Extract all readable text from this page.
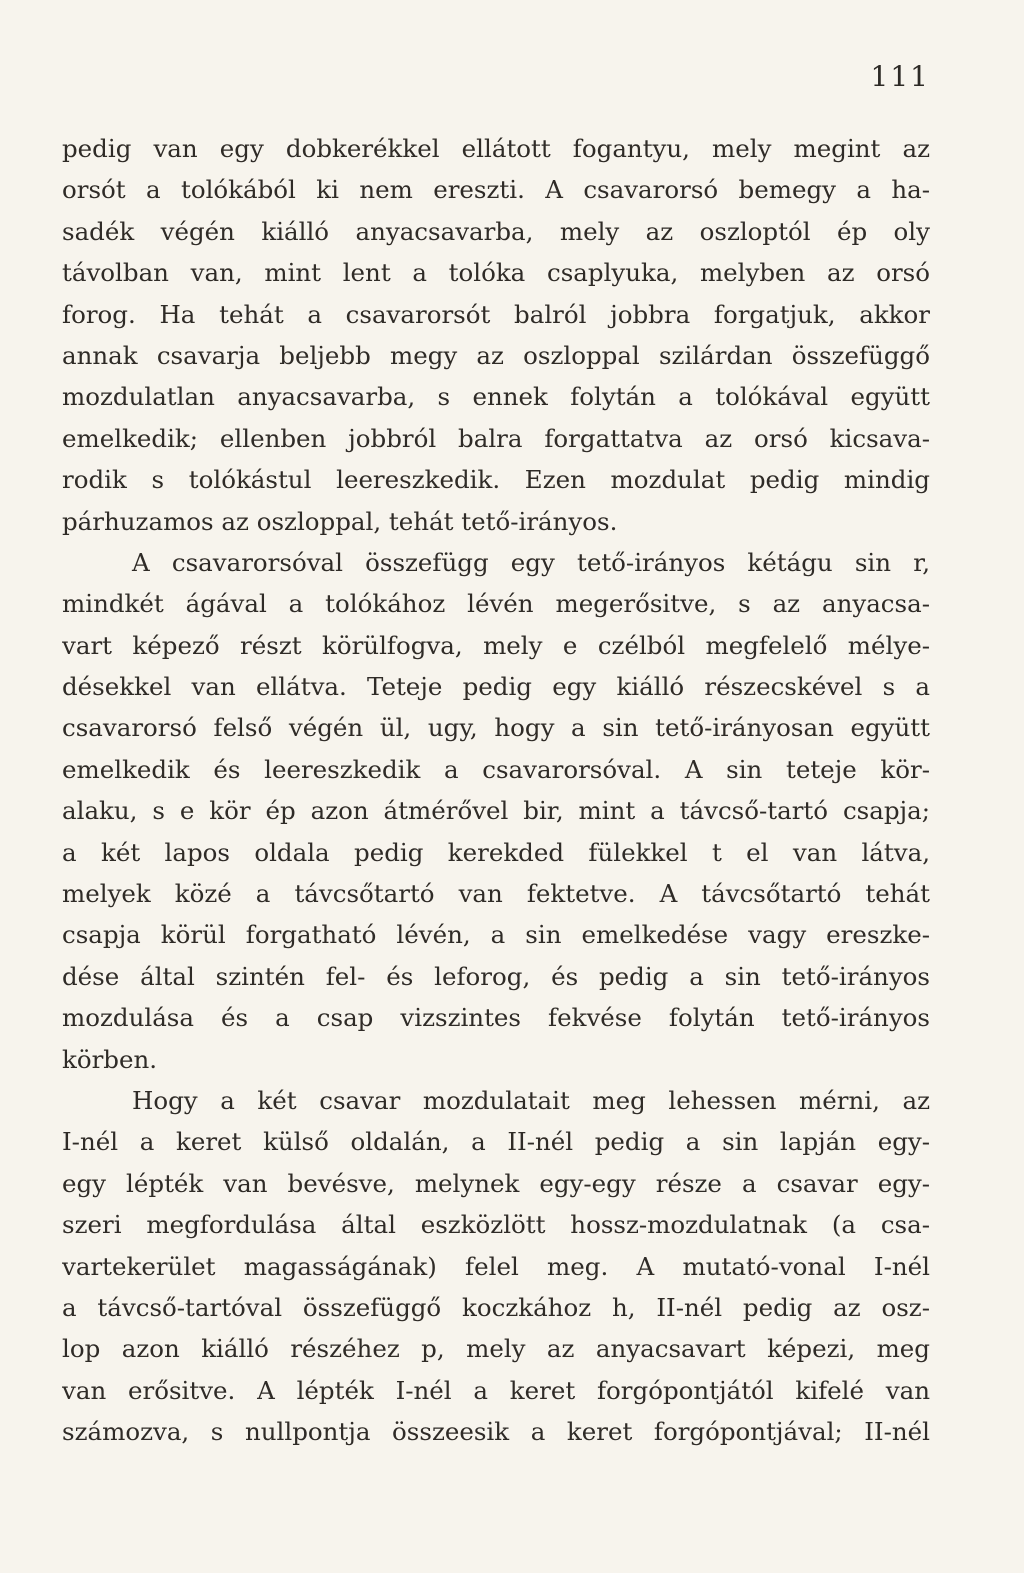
111
pedig van egy dobkerékkel ellátott fogantyu, mely megint az
orsót a tolókából ki nem ereszti. A csavarorsó bemegy a ha-
sadék végén kiálló anyacsavarba, mely az oszloptól ép oly
távolban van, mint lent a tolóka csaplyuka, melyben az orsó
forog. Ha tehát a csavarorsót balról jobbra forgatjuk, akkor
annak csavarja beljebb megy az oszloppal szilárdan összefüggő
mozdulatlan anyacsavarba, s ennek folytán a tolókával együtt
emelkedik; ellenben jobbról balra forgattatva az orsó kicsava-
rodik s tolókástul leereszkedik. Ezen mozdulat pedig mindig
párhuzamos az oszloppal, tehát tető-irányos.
A csavarorsóval összefügg egy tető-irányos kétágu sin r,
mindkét ágával a tolókához lévén megerősitve, s az anyacsa-
vart képező részt körülfogva, mely e czélból megfelelő mélye-
désekkel van ellátva. Teteje pedig egy kiálló részecskével s a
csavarorsó felső végén ül, ugy, hogy a sin tető-irányosan együtt
emelkedik és leereszkedik a csavarorsóval. A sin teteje kör-
alaku, s e kör ép azon átmérővel bir, mint a távcső-tartó csapja;
a két lapos oldala pedig kerekded fülekkel t el van látva,
melyek közé a távcsőtartó van fektetve. A távcsőtartó tehát
csapja körül forgatható lévén, a sin emelkedése vagy ereszke-
dése által szintén fel- és leforog, és pedig a sin tető-irányos
mozdulása és a csap vizszintes fekvése folytán tető-irányos
körben.
Hogy a két csavar mozdulatait meg lehessen mérni, az
I-nél a keret külső oldalán, a II-nél pedig a sin lapján egy-
egy lépték van bevésve, melynek egy-egy része a csavar egy-
szeri megfordulása által eszközlött hossz-mozdulatnak (a csa-
vartekerület magasságának) felel meg. A mutató-vonal I-nél
a távcső-tartóval összefüggő koczkához h, II-nél pedig az osz-
lop azon kiálló részéhez p, mely az anyacsavart képezi, meg
van erősitve. A lépték I-nél a keret forgópontjától kifelé van
számozva, s nullpontja összeesik a keret forgópontjával; II-nél
